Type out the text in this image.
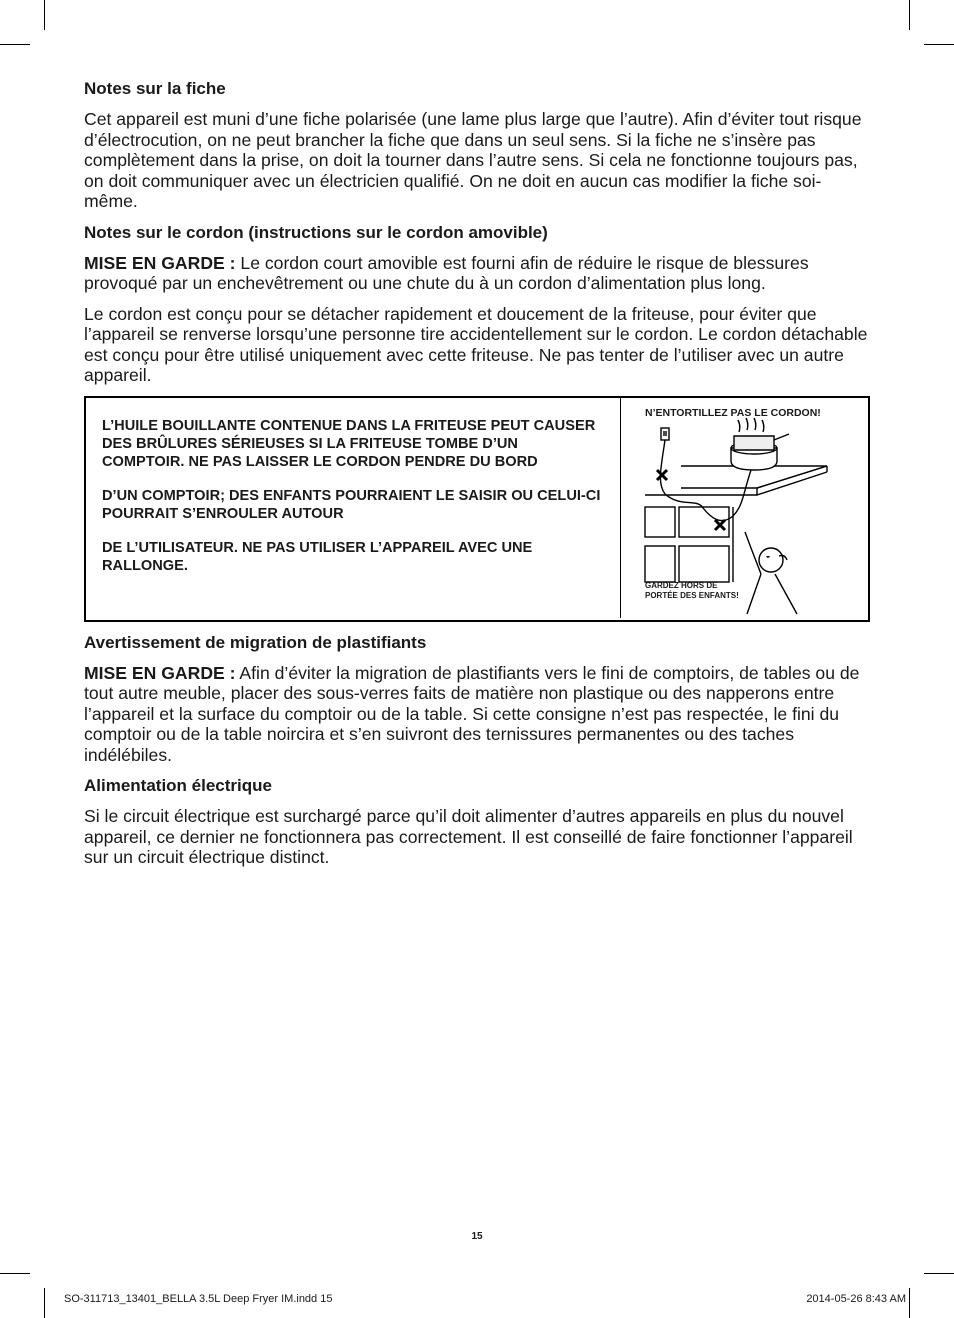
Notes sur la fiche

Cet appareil est muni d’une fiche polarisée (une lame plus large que l’autre). Afin d’éviter tout risque d’électrocution, on ne peut brancher la fiche que dans un seul sens. Si la fiche ne s’insère pas complètement dans la prise, on doit la tourner dans l’autre sens. Si cela ne fonctionne toujours pas, on doit communiquer avec un électricien qualifié. On ne doit en aucun cas modifier la fiche soi-même.

Notes sur le cordon (instructions sur le cordon amovible)

MISE EN GARDE : Le cordon court amovible est fourni afin de réduire le risque de blessures provoqué par un enchevêtrement ou une chute du à un cordon d’alimentation plus long.

Le cordon est conçu pour se détacher rapidement et doucement de la friteuse, pour éviter que l’appareil se renverse lorsqu’une personne tire accidentellement sur le cordon. Le cordon détachable est conçu pour être utilisé uniquement avec cette friteuse. Ne pas tenter de l’utiliser avec un autre appareil.

L’HUILE BOUILLANTE CONTENUE DANS LA FRITEUSE PEUT CAUSER DES BRÛLURES SÉRIEUSES SI LA FRITEUSE TOMBE D’UN COMPTOIR. NE PAS LAISSER LE CORDON PENDRE DU BORD

D’UN COMPTOIR; DES ENFANTS POURRAIENT LE SAISIR OU CELUI-CI POURRAIT S’ENROULER AUTOUR

DE L’UTILISATEUR. NE PAS UTILISER L’APPAREIL AVEC UNE RALLONGE.

N’ENTORTILLEZ PAS LE CORDON!
GARDEZ HORS DE PORTÉE DES ENFANTS!
Avertissement de migration de plastifiants

MISE EN GARDE : Afin d’éviter la migration de plastifiants vers le fini de comptoirs, de tables ou de tout autre meuble, placer des sous-verres faits de matière non plastique ou des napperons entre l’appareil et la surface du comptoir ou de la table. Si cette consigne n’est pas respectée, le fini du comptoir ou de la table noircira et s’en suivront des ternissures permanentes ou des taches indélébiles.

Alimentation électrique

Si le circuit électrique est surchargé parce qu’il doit alimenter d’autres appareils en plus du nouvel appareil, ce dernier ne fonctionnera pas correctement. Il est conseillé de faire fonctionner l’appareil sur un circuit électrique distinct.

15
SO-311713_13401_BELLA 3.5L Deep Fryer IM.indd 15	2014-05-26 8:43 AM
